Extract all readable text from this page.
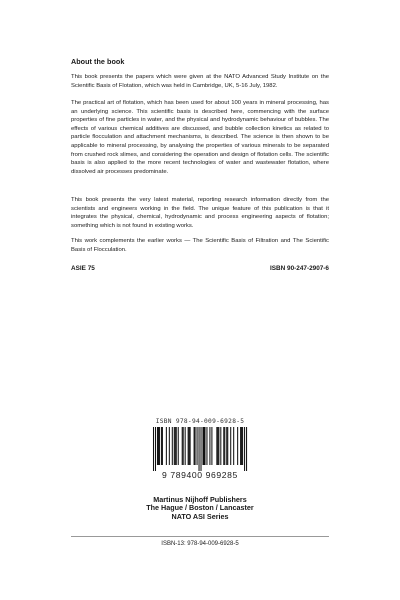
About the book

This book presents the papers which were given at the NATO Advanced Study Institute on the Scientific Basis of Flotation, which was held in Cambridge, UK, 5-16 July, 1982.

The practical art of flotation, which has been used for about 100 years in mineral processing, has an underlying science. This scientific basis is described here, commencing with the surface properties of fine particles in water, and the physical and hydrodynamic behaviour of bubbles. The effects of various chemical additives are discussed, and bubble collection kinetics as related to particle flocculation and attachment mechanisms, is described. The science is then shown to be applicable to mineral processing, by analysing the properties of various minerals to be separated from crushed rock slimes, and considering the operation and design of flotation cells. The scientific basis is also applied to the more recent technologies of water and wastewater flotation, where dissolved air processes predominate.

This book presents the very latest material, reporting research information directly from the scientists and engineers working in the field. The unique feature of this publication is that it integrates the physical, chemical, hydrodynamic and process engineering aspects of flotation; something which is not found in existing works.

This work complements the earlier works — The Scientific Basis of Filtration and The Scientific Basis of Flocculation.

ASIE 75	ISBN 90-247-2907-6
ISBN 978-94-009-6928-5
9 789400 969285
Martinus Nijhoff Publishers
The Hague / Boston / Lancaster
NATO ASI Series
ISBN-13: 978-94-009-6928-5
